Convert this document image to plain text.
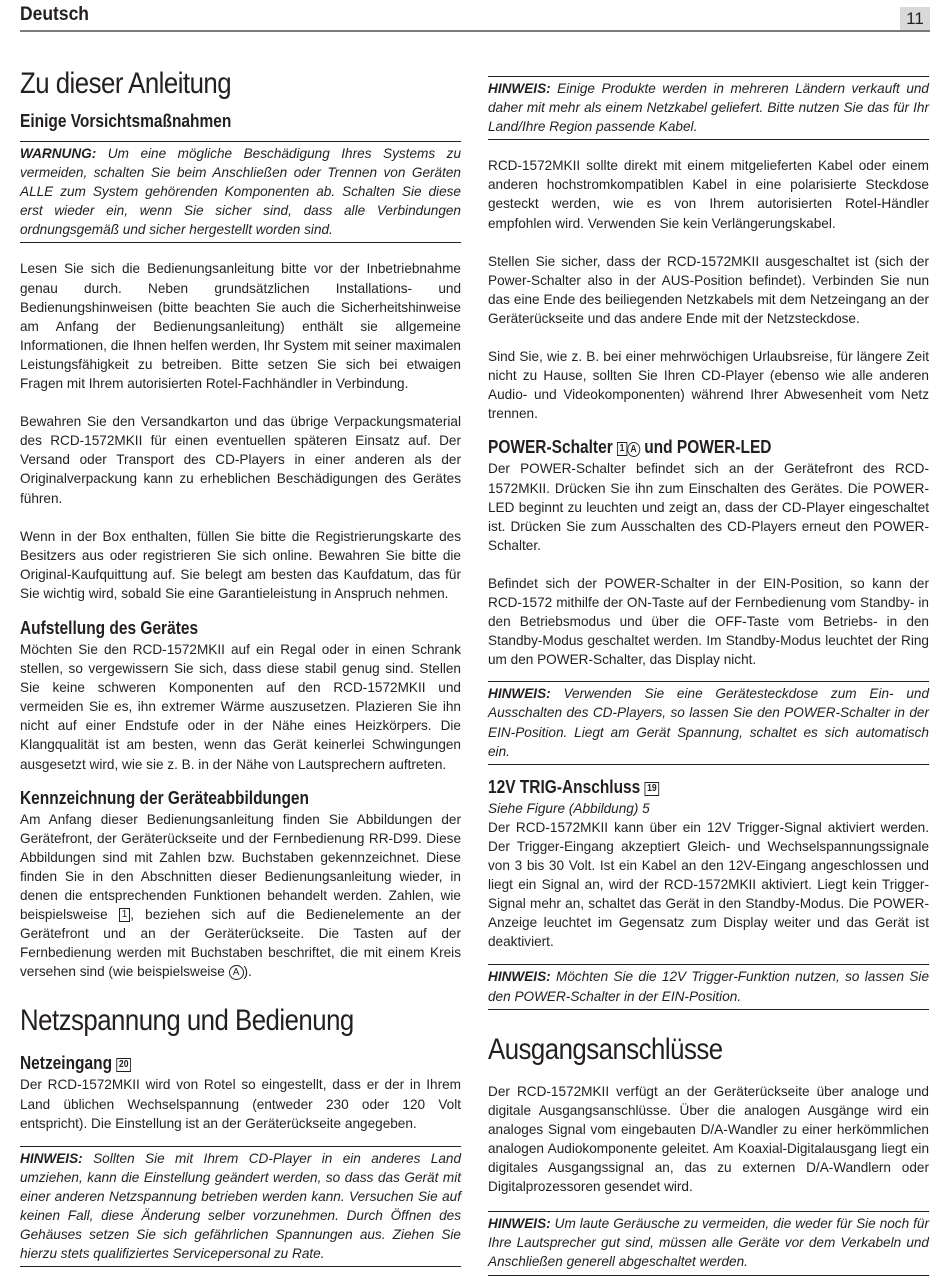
Deutsch	11
Zu dieser Anleitung
Einige Vorsichtsmaßnahmen
WARNUNG: Um eine mögliche Beschädigung Ihres Systems zu vermeiden, schalten Sie beim Anschließen oder Trennen von Geräten ALLE zum System gehörenden Komponenten ab. Schalten Sie diese erst wieder ein, wenn Sie sicher sind, dass alle Verbindungen ordnungsgemäß und sicher hergestellt worden sind.

Lesen Sie sich die Bedienungsanleitung bitte vor der Inbetriebnahme genau durch. Neben grundsätzlichen Installations- und Bedienungshinweisen (bitte beachten Sie auch die Sicherheitshinweise am Anfang der Bedienungsanleitung) enthält sie allgemeine Informationen, die Ihnen helfen werden, Ihr System mit seiner maximalen Leistungsfähigkeit zu betreiben. Bitte setzen Sie sich bei etwaigen Fragen mit Ihrem autorisierten Rotel-Fachhändler in Verbindung.

Bewahren Sie den Versandkarton und das übrige Verpackungsmaterial des RCD-1572MKII für einen eventuellen späteren Einsatz auf. Der Versand oder Transport des CD-Players in einer anderen als der Originalverpackung kann zu erheblichen Beschädigungen des Gerätes führen.

Wenn in der Box enthalten, füllen Sie bitte die Registrierungskarte des Besitzers aus oder registrieren Sie sich online. Bewahren Sie bitte die Original-Kaufquittung auf. Sie belegt am besten das Kaufdatum, das für Sie wichtig wird, sobald Sie eine Garantieleistung in Anspruch nehmen.

Aufstellung des Gerätes

Möchten Sie den RCD-1572MKII auf ein Regal oder in einen Schrank stellen, so vergewissern Sie sich, dass diese stabil genug sind. Stellen Sie keine schweren Komponenten auf den RCD-1572MKII und vermeiden Sie es, ihn extremer Wärme auszusetzen. Plazieren Sie ihn nicht auf einer Endstufe oder in der Nähe eines Heizkörpers. Die Klangqualität ist am besten, wenn das Gerät keinerlei Schwingungen ausgesetzt wird, wie sie z. B. in der Nähe von Lautsprechern auftreten.

Kennzeichnung der Geräteabbildungen

Am Anfang dieser Bedienungsanleitung finden Sie Abbildungen der Gerätefront, der Geräterückseite und der Fernbedienung RR-D99. Diese Abbildungen sind mit Zahlen bzw. Buchstaben gekennzeichnet. Diese finden Sie in den Abschnitten dieser Bedienungsanleitung wieder, in denen die entsprechenden Funktionen behandelt werden. Zahlen, wie beispielsweise 1 , beziehen sich auf die Bedienelemente an der Gerätefront und an der Geräterückseite. Die Tasten auf der Fernbedienung werden mit Buchstaben beschriftet, die mit einem Kreis versehen sind (wie beispielsweise A ).

Netzspannung und Bedienung
Netzeingang 20

Der RCD-1572MKII wird von Rotel so eingestellt, dass er der in Ihrem Land üblichen Wechselspannung (entweder 230 oder 120 Volt entspricht). Die Einstellung ist an der Geräterückseite angegeben.

HINWEIS: Sollten Sie mit Ihrem CD-Player in ein anderes Land umziehen, kann die Einstellung geändert werden, so dass das Gerät mit einer anderen Netzspannung betrieben werden kann. Versuchen Sie auf keinen Fall, diese Änderung selber vorzunehmen. Durch Öffnen des Gehäuses setzen Sie sich gefährlichen Spannungen aus. Ziehen Sie hierzu stets qualifiziertes Servicepersonal zu Rate.
HINWEIS: Einige Produkte werden in mehreren Ländern verkauft und daher mit mehr als einem Netzkabel geliefert. Bitte nutzen Sie das für Ihr Land/Ihre Region passende Kabel.

RCD-1572MKII sollte direkt mit einem mitgelieferten Kabel oder einem anderen hochstromkompatiblen Kabel in eine polarisierte Steckdose gesteckt werden, wie es von Ihrem autorisierten Rotel-Händler empfohlen wird. Verwenden Sie kein Verlängerungskabel.

Stellen Sie sicher, dass der RCD-1572MKII ausgeschaltet ist (sich der Power-Schalter also in der AUS-Position befindet). Verbinden Sie nun das eine Ende des beiliegenden Netzkabels mit dem Netzeingang an der Geräterückseite und das andere Ende mit der Netzsteckdose.

Sind Sie, wie z. B. bei einer mehrwöchigen Urlaubsreise, für längere Zeit nicht zu Hause, sollten Sie Ihren CD-Player (ebenso wie alle anderen Audio- und Videokomponenten) während Ihrer Abwesenheit vom Netz trennen.

POWER-Schalter 1 A und POWER-LED

Der POWER-Schalter befindet sich an der Gerätefront des RCD-1572MKII. Drücken Sie ihn zum Einschalten des Gerätes. Die POWER-LED beginnt zu leuchten und zeigt an, dass der CD-Player eingeschaltet ist. Drücken Sie zum Ausschalten des CD-Players erneut den POWER-Schalter.

Befindet sich der POWER-Schalter in der EIN-Position, so kann der RCD-1572 mithilfe der ON-Taste auf der Fernbedienung vom Standby- in den Betriebsmodus und über die OFF-Taste vom Betriebs- in den Standby-Modus geschaltet werden. Im Standby-Modus leuchtet der Ring um den POWER-Schalter, das Display nicht.

HINWEIS: Verwenden Sie eine Gerätesteckdose zum Ein- und Ausschalten des CD-Players, so lassen Sie den POWER-Schalter in der EIN-Position. Liegt am Gerät Spannung, schaltet es sich automatisch ein.
12V TRIG-Anschluss 19

Siehe Figure (Abbildung) 5

Der RCD-1572MKII kann über ein 12V Trigger-Signal aktiviert werden. Der Trigger-Eingang akzeptiert Gleich- und Wechselspannungssignale von 3 bis 30 Volt. Ist ein Kabel an den 12V-Eingang angeschlossen und liegt ein Signal an, wird der RCD-1572MKII aktiviert. Liegt kein Trigger-Signal mehr an, schaltet das Gerät in den Standby-Modus. Die POWER-Anzeige leuchtet im Gegensatz zum Display weiter und das Gerät ist deaktiviert.

HINWEIS: Möchten Sie die 12V Trigger-Funktion nutzen, so lassen Sie den POWER-Schalter in der EIN-Position.
Ausgangsanschlüsse

Der RCD-1572MKII verfügt an der Geräterückseite über analoge und digitale Ausgangsanschlüsse. Über die analogen Ausgänge wird ein analoges Signal vom eingebauten D/A-Wandler zu einer herkömmlichen analogen Audiokomponente geleitet. Am Koaxial-Digitalausgang liegt ein digitales Ausgangssignal an, das zu externen D/A-Wandlern oder Digitalprozessoren gesendet wird.

HINWEIS: Um laute Geräusche zu vermeiden, die weder für Sie noch für Ihre Lautsprecher gut sind, müssen alle Geräte vor dem Verkabeln und Anschließen generell abgeschaltet werden.
